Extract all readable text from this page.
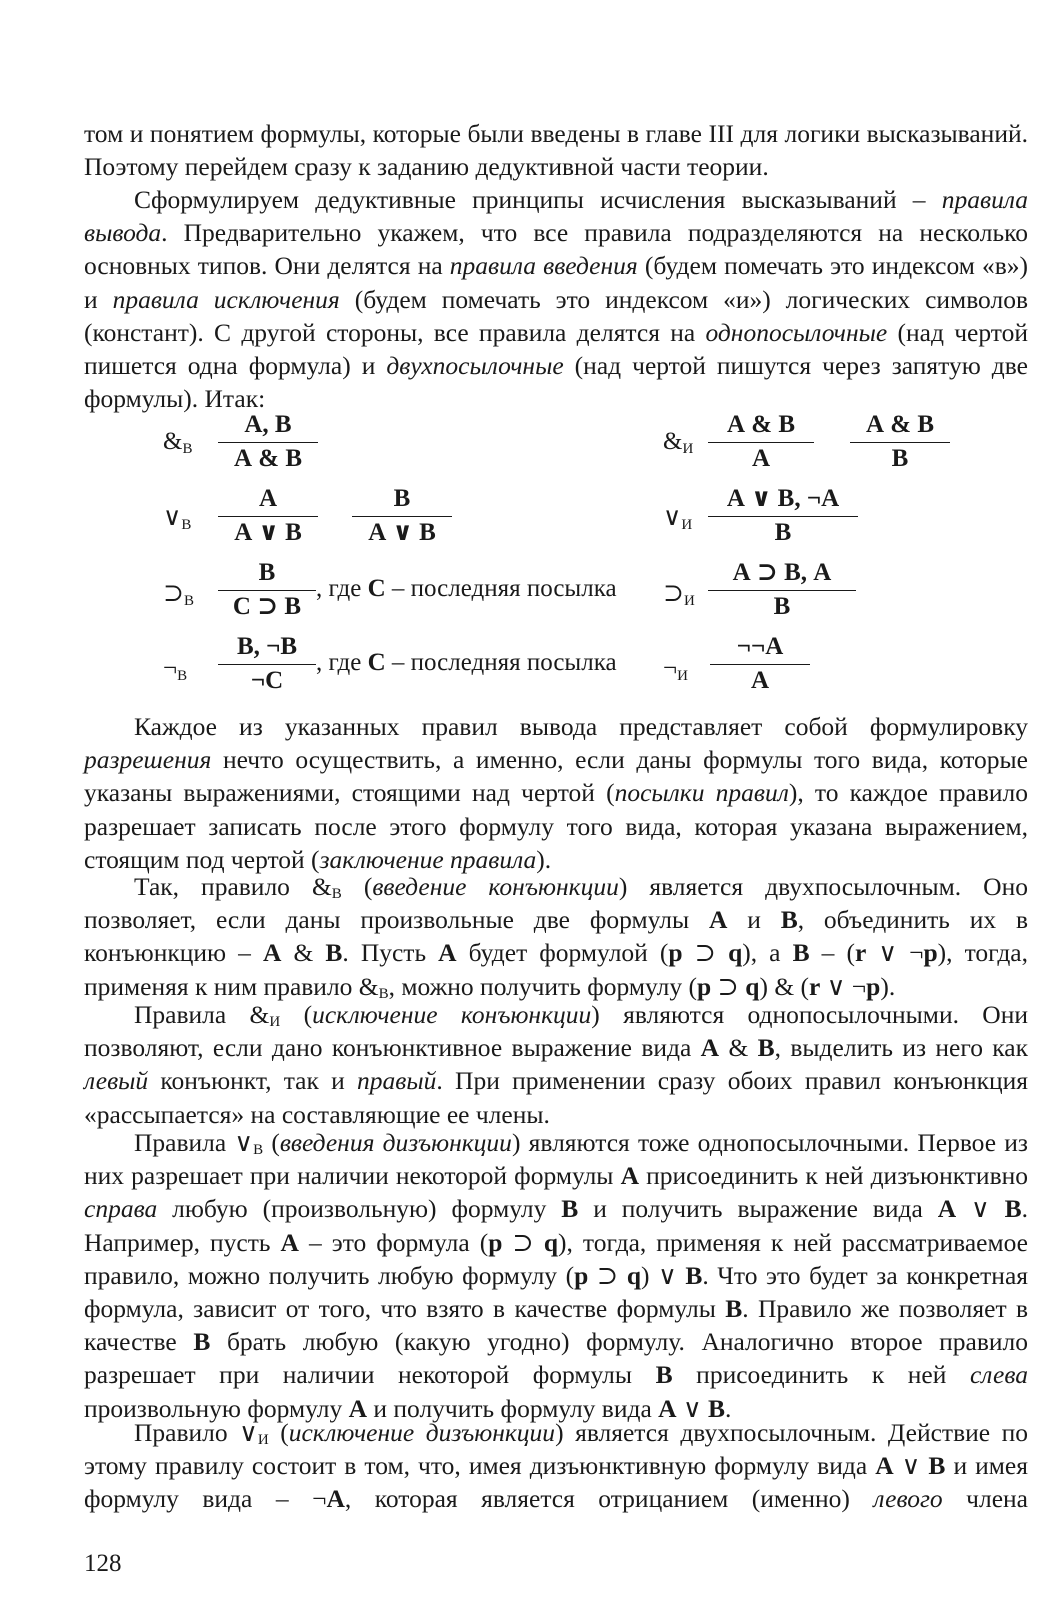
том и понятием формулы, которые были введены в главе III для логики высказываний. Поэтому перейдем сразу к заданию дедуктивной части теории.

Сформулируем дедуктивные принципы исчисления высказываний – правила вывода. Предварительно укажем, что все правила подразделяются на несколько основных типов. Они делятся на правила введения (будем помечать это индексом «в») и правила исключения (будем помечать это индексом «и») логических символов (констант). С другой стороны, все правила делятся на однопосылочные (над чертой пишется одна формула) и двухпосылочные (над чертой пишутся через запятую две формулы). Итак:

$\&_В$
А, В
А & В
$\&_И$
А & В
А
А & В
В
$\vee_В$
А
А ∨ В
В
А ∨ В
$\vee_И$
А ∨ В, ¬А
В
$⊃_В$
В
С ⊃ В
, где С – последняя посылка $⊃_И$
А ⊃ В, А
В
$\neg_В$
В, ¬В
¬С
, где С – последняя посылка $\neg_И$
¬¬А
А

Каждое из указанных правил вывода представляет собой формулировку разрешения нечто осуществить, а именно, если даны формулы того вида, которые указаны выражениями, стоящими над чертой (посылки правил), то каждое правило разрешает записать после этого формулу того вида, которая указана выражением, стоящим под чертой (заключение правила).

Так, правило $\&_В$ (введение конъюнкции) является двухпосылочным. Оно позволяет, если даны произвольные две формулы А и В, объединить их в конъюнкцию – А & В. Пусть А будет формулой (р ⊃ q), а В – (r ∨ ¬р), тогда, применяя к ним правило $\&_В$, можно получить формулу (р ⊃ q) & (r ∨ ¬р).

Правила $\&_И$ (исключение конъюнкции) являются однопосылочными. Они позволяют, если дано конъюнктивное выражение вида А & В, выделить из него как левый конъюнкт, так и правый. При применении сразу обоих правил конъюнкция «рассыпается» на составляющие ее члены.

Правила $\vee_В$ (введения дизъюнкции) являются тоже однопосылочными. Первое из них разрешает при наличии некоторой формулы А присоединить к ней дизъюнктивно справа любую (произвольную) формулу В и получить выражение вида А ∨ В. Например, пусть А – это формула (р ⊃ q), тогда, применяя к ней рассматриваемое правило, можно получить любую формулу (р ⊃ q) ∨ В. Что это будет за конкретная формула, зависит от того, что взято в качестве формулы В. Правило же позволяет в качестве В брать любую (какую угодно) формулу. Аналогично второе правило разрешает при наличии некоторой формулы В присоединить к ней слева произвольную формулу А и получить формулу вида А ∨ В.

Правило $\vee_И$ (исключение дизъюнкции) является двухпосылочным. Действие по этому правилу состоит в том, что, имея дизъюнктивную формулу вида А ∨ В и имея формулу вида – ¬А, которая является отрицанием (именно) левого члена

128
